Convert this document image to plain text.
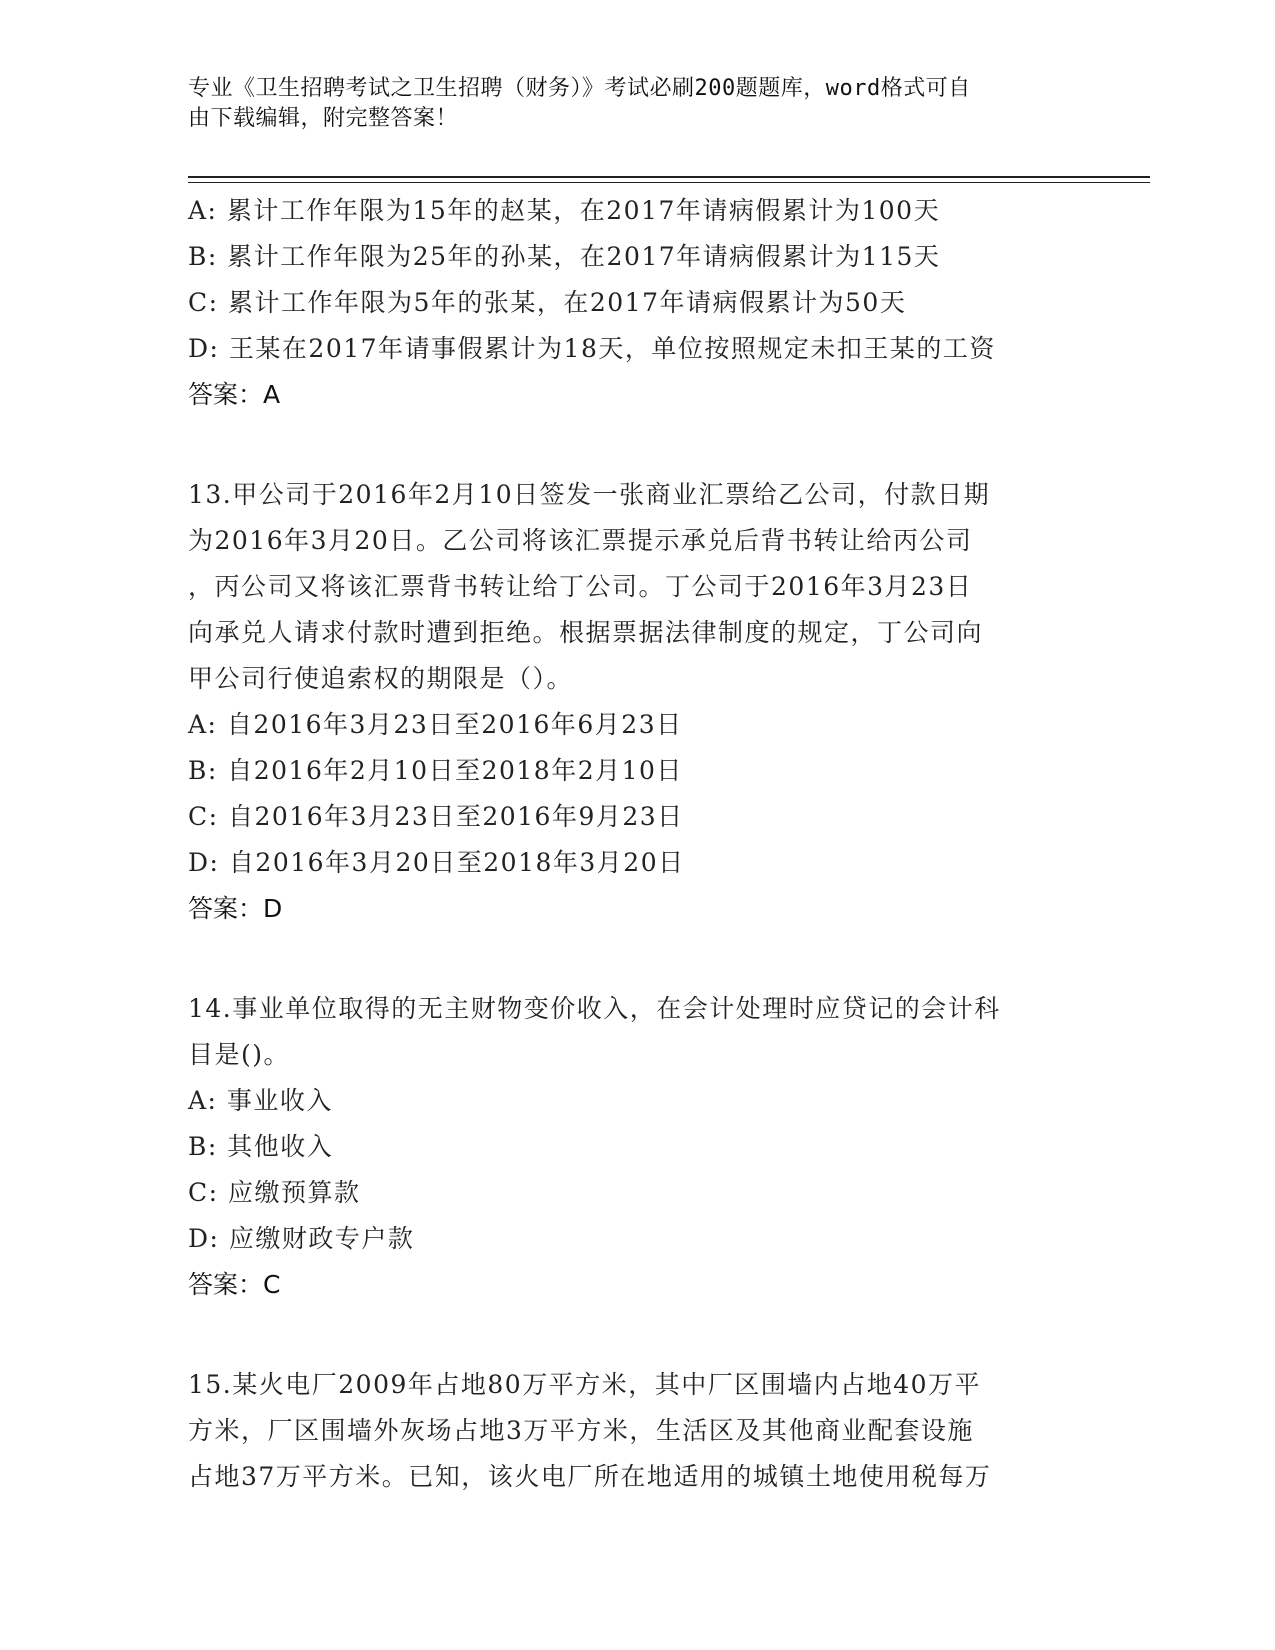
专业《卫生招聘考试之卫生招聘（财务）》考试必刷200题题库，word格式可自
由下载编辑，附完整答案！
A: 累计工作年限为15年的赵某，在2017年请病假累计为100天
B: 累计工作年限为25年的孙某，在2017年请病假累计为115天
C: 累计工作年限为5年的张某，在2017年请病假累计为50天
D: 王某在2017年请事假累计为18天，单位按照规定未扣王某的工资
答案：A
13.甲公司于2016年2月10日签发一张商业汇票给乙公司，付款日期
为2016年3月20日。乙公司将该汇票提示承兑后背书转让给丙公司
，丙公司又将该汇票背书转让给丁公司。丁公司于2016年3月23日
向承兑人请求付款时遭到拒绝。根据票据法律制度的规定，丁公司向
甲公司行使追索权的期限是（）。
A: 自2016年3月23日至2016年6月23日
B: 自2016年2月10日至2018年2月10日
C: 自2016年3月23日至2016年9月23日
D: 自2016年3月20日至2018年3月20日
答案：D
14.事业单位取得的无主财物变价收入，在会计处理时应贷记的会计科
目是()。
A: 事业收入
B: 其他收入
C: 应缴预算款
D: 应缴财政专户款
答案：C
15.某火电厂2009年占地80万平方米，其中厂区围墙内占地40万平
方米，厂区围墙外灰场占地3万平方米，生活区及其他商业配套设施
占地37万平方米。已知，该火电厂所在地适用的城镇土地使用税每万
